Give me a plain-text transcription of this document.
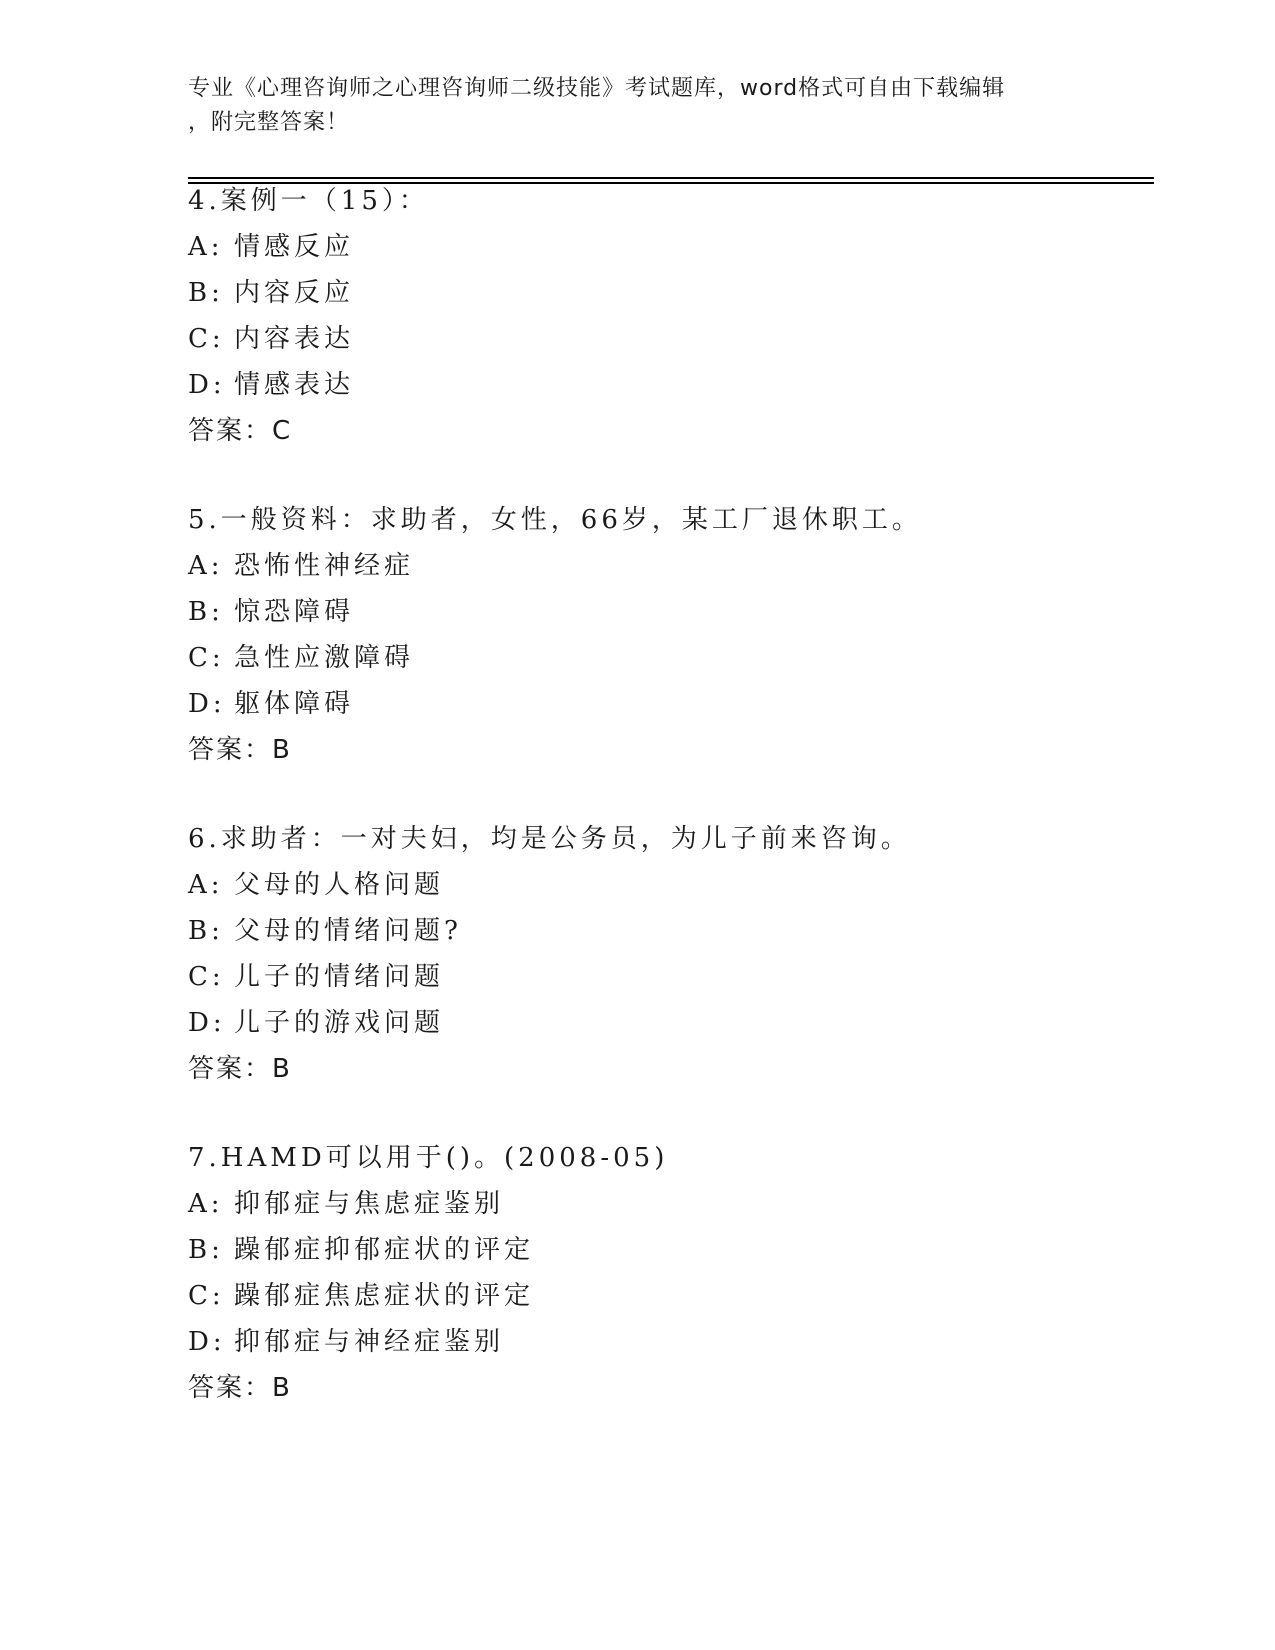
专业《心理咨询师之心理咨询师二级技能》考试题库，word格式可自由下载编辑
，附完整答案！
4.案例一（15）：
A: 情感反应
B: 内容反应
C: 内容表达
D: 情感表达
答案：C
5.一般资料：求助者，女性，66岁，某工厂退休职工。
A: 恐怖性神经症
B: 惊恐障碍
C: 急性应激障碍
D: 躯体障碍
答案：B
6.求助者：一对夫妇，均是公务员，为儿子前来咨询。
A: 父母的人格问题
B: 父母的情绪问题?
C: 儿子的情绪问题
D: 儿子的游戏问题
答案：B
7.HAMD可以用于()。(2008-05)
A: 抑郁症与焦虑症鉴别
B: 躁郁症抑郁症状的评定
C: 躁郁症焦虑症状的评定
D: 抑郁症与神经症鉴别
答案：B
